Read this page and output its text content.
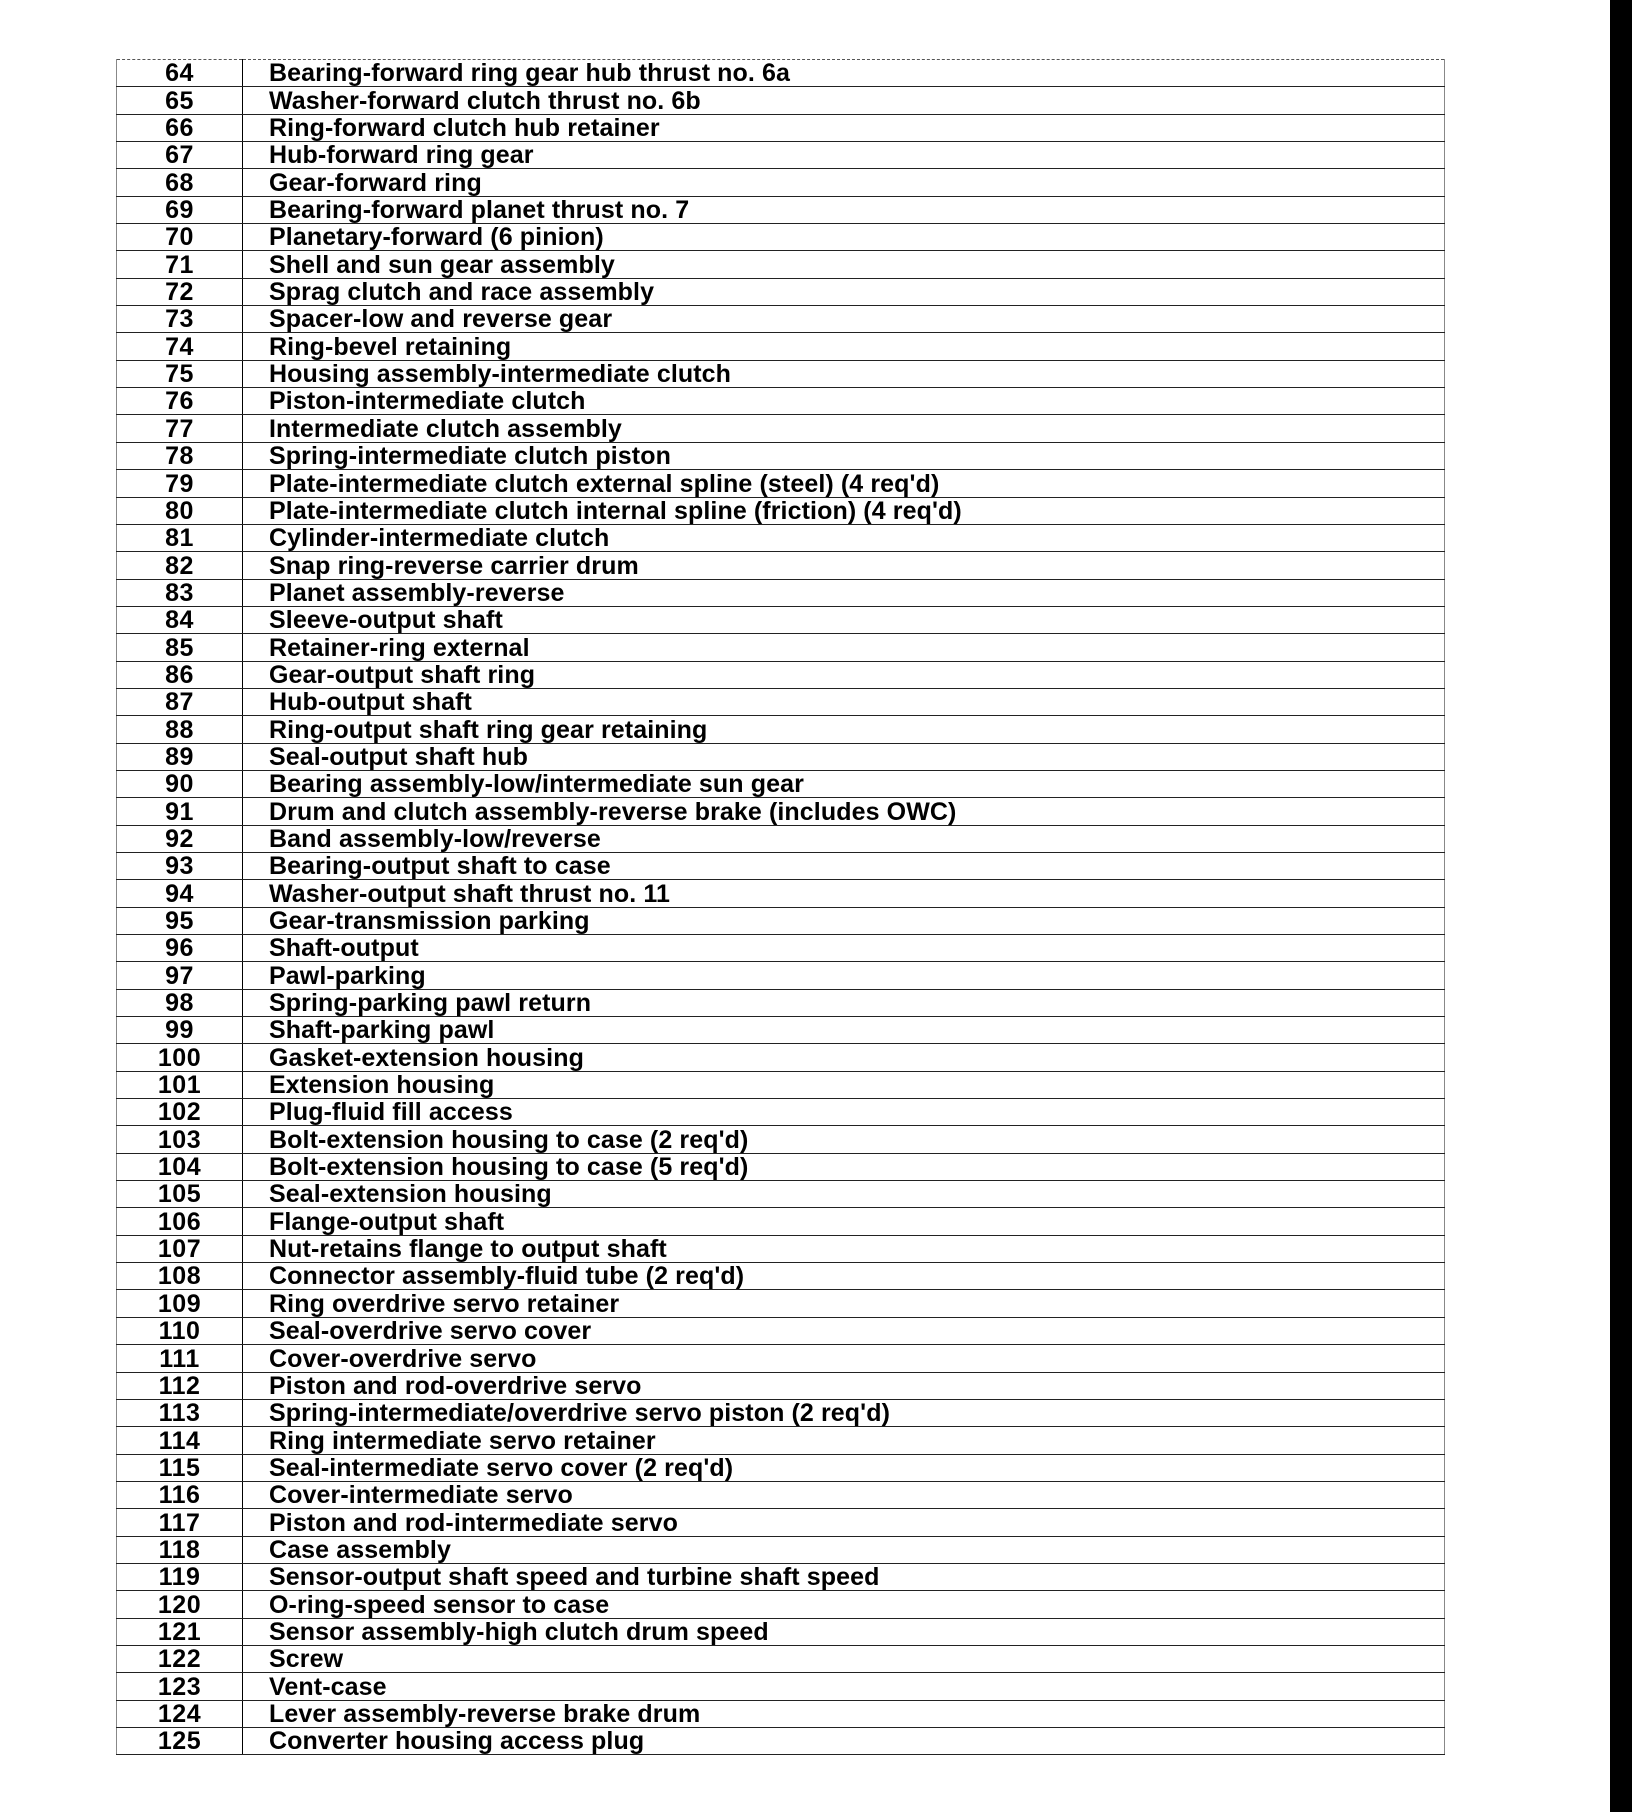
64	Bearing-forward ring gear hub thrust no. 6a
65	Washer-forward clutch thrust no. 6b
66	Ring-forward clutch hub retainer
67	Hub-forward ring gear
68	Gear-forward ring
69	Bearing-forward planet thrust no. 7
70	Planetary-forward (6 pinion)
71	Shell and sun gear assembly
72	Sprag clutch and race assembly
73	Spacer-low and reverse gear
74	Ring-bevel retaining
75	Housing assembly-intermediate clutch
76	Piston-intermediate clutch
77	Intermediate clutch assembly
78	Spring-intermediate clutch piston
79	Plate-intermediate clutch external spline (steel) (4 req'd)
80	Plate-intermediate clutch internal spline (friction) (4 req'd)
81	Cylinder-intermediate clutch
82	Snap ring-reverse carrier drum
83	Planet assembly-reverse
84	Sleeve-output shaft
85	Retainer-ring external
86	Gear-output shaft ring
87	Hub-output shaft
88	Ring-output shaft ring gear retaining
89	Seal-output shaft hub
90	Bearing assembly-low/intermediate sun gear
91	Drum and clutch assembly-reverse brake (includes OWC)
92	Band assembly-low/reverse
93	Bearing-output shaft to case
94	Washer-output shaft thrust no. 11
95	Gear-transmission parking
96	Shaft-output
97	Pawl-parking
98	Spring-parking pawl return
99	Shaft-parking pawl
100	Gasket-extension housing
101	Extension housing
102	Plug-fluid fill access
103	Bolt-extension housing to case (2 req'd)
104	Bolt-extension housing to case (5 req'd)
105	Seal-extension housing
106	Flange-output shaft
107	Nut-retains flange to output shaft
108	Connector assembly-fluid tube (2 req'd)
109	Ring overdrive servo retainer
110	Seal-overdrive servo cover
111	Cover-overdrive servo
112	Piston and rod-overdrive servo
113	Spring-intermediate/overdrive servo piston (2 req'd)
114	Ring intermediate servo retainer
115	Seal-intermediate servo cover (2 req'd)
116	Cover-intermediate servo
117	Piston and rod-intermediate servo
118	Case assembly
119	Sensor-output shaft speed and turbine shaft speed
120	O-ring-speed sensor to case
121	Sensor assembly-high clutch drum speed
122	Screw
123	Vent-case
124	Lever assembly-reverse brake drum
125	Converter housing access plug
